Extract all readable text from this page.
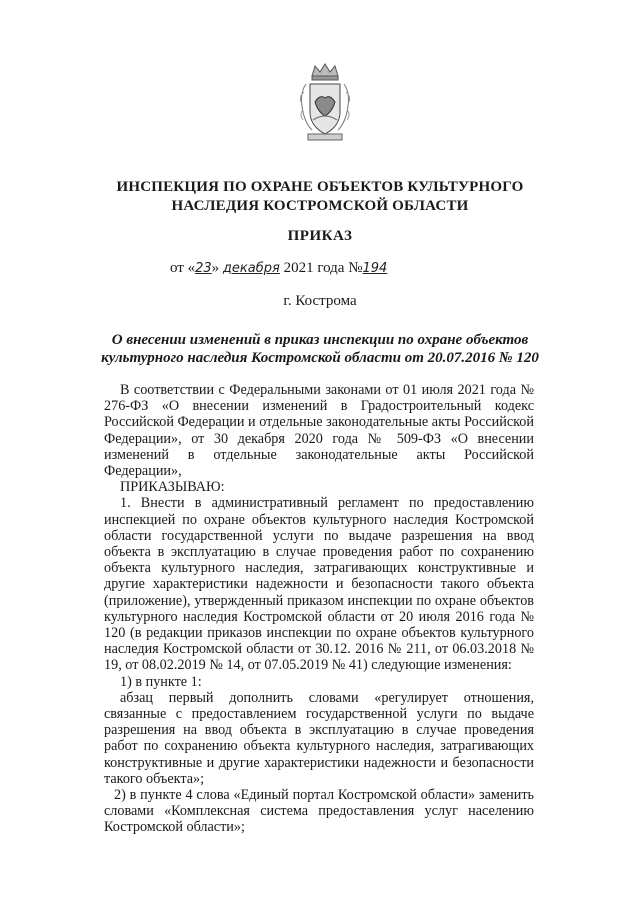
ИНСПЕКЦИЯ ПО ОХРАНЕ ОБЪЕКТОВ КУЛЬТУРНОГО
НАСЛЕДИЯ КОСТРОМСКОЙ ОБЛАСТИ
ПРИКАЗ
от «23» декабря 2021 года №194
г. Кострома
О внесении изменений в приказ инспекции по охране объектов
культурного наследия Костромской области от 20.07.2016 № 120

В соответствии с Федеральными законами от 01 июля 2021 года № 276-ФЗ «О внесении изменений в Градостроительный кодекс Российской Федерации и отдельные законодательные акты Российской Федерации», от 30 декабря 2020 года № 509-ФЗ «О внесении изменений в отдельные законодательные акты Российской Федерации»,

ПРИКАЗЫВАЮ:

1. Внести в административный регламент по предоставлению инспекцией по охране объектов культурного наследия Костромской области государственной услуги по выдаче разрешения на ввод объекта в эксплуатацию в случае проведения работ по сохранению объекта культурного наследия, затрагивающих конструктивные и другие характеристики надежности и безопасности такого объекта (приложение), утвержденный приказом инспекции по охране объектов культурного наследия Костромской области от 20 июля 2016 года № 120 (в редакции приказов инспекции по охране объектов культурного наследия Костромской области от 30.12. 2016 № 211, от 06.03.2018 № 19, от 08.02.2019 № 14, от 07.05.2019 № 41) следующие изменения:

1) в пункте 1:

абзац первый дополнить словами «регулирует отношения, связанные с предоставлением государственной услуги по выдаче разрешения на ввод объекта в эксплуатацию в случае проведения работ по сохранению объекта культурного наследия, затрагивающих конструктивные и другие характеристики надежности и безопасности такого объекта»;

2) в пункте 4 слова «Единый портал Костромской области» заменить словами «Комплексная система предоставления услуг населению Костромской области»;
